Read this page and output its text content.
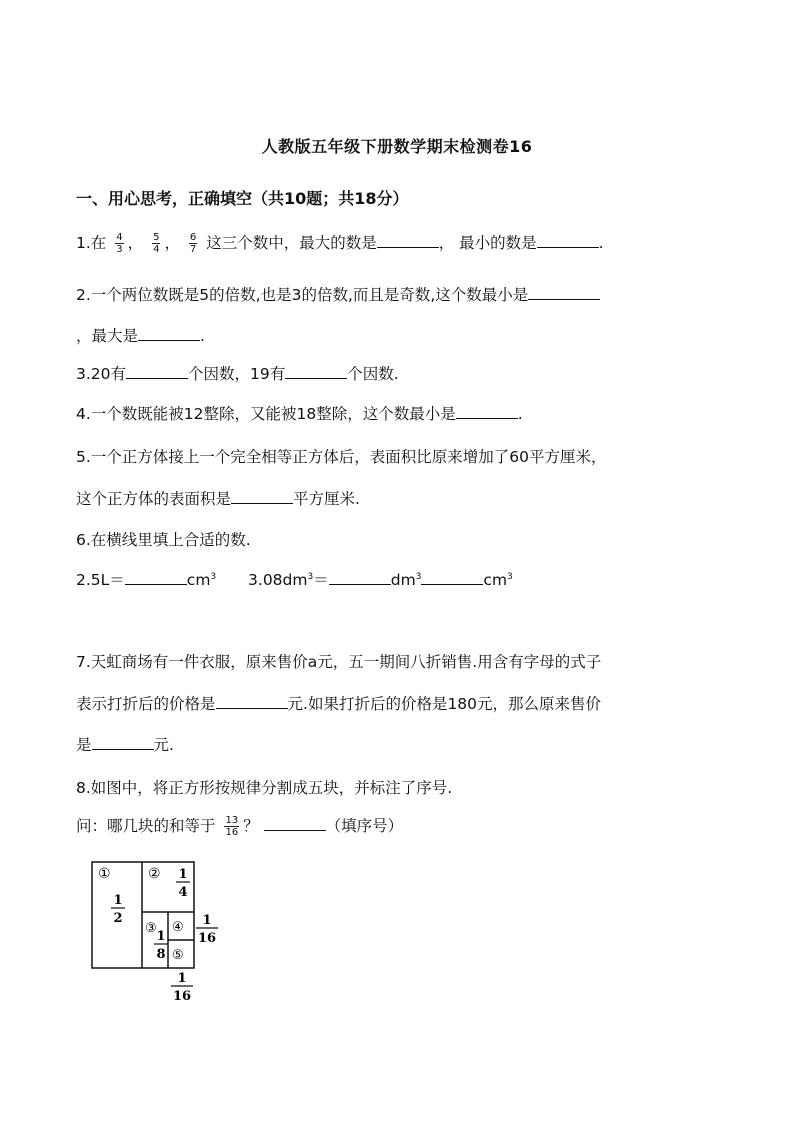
人教版五年级下册数学期末检测卷16
一、用心思考，正确填空（共10题；共18分）
1.在 $\frac{4}{3}$ ， $\frac{5}{4}$ ， $\frac{6}{7}$ 这三个数中，最大的数是	， 最小的数是	.
2.一个两位数既是5的倍数,也是3的倍数,而且是奇数,这个数最小是
，最大是	.
3.20有	个因数，19有	个因数.
4.一个数既能被12整除，又能被18整除，这个数最小是	.
5.一个正方体接上一个完全相等正方体后，表面积比原来增加了60平方厘米，
这个正方体的表面积是	平方厘米.
6.在横线里填上合适的数.
2.5L＝	$cm^3$ $3.08dm^3=$	$dm^3$	$cm^3$
7.天虹商场有一件衣服，原来售价a元，五一期间八折销售.用含有字母的式子
表示打折后的价格是	元.如果打折后的价格是180元，那么原来售价
是	元.
8.如图中，将正方形按规律分割成五块，并标注了序号.
问：哪几块的和等于 $\frac{13}{16}$ ？	（填序号）
①	②
③ ④
⑤
1
2
1
4
1
8
1
16
1
16
